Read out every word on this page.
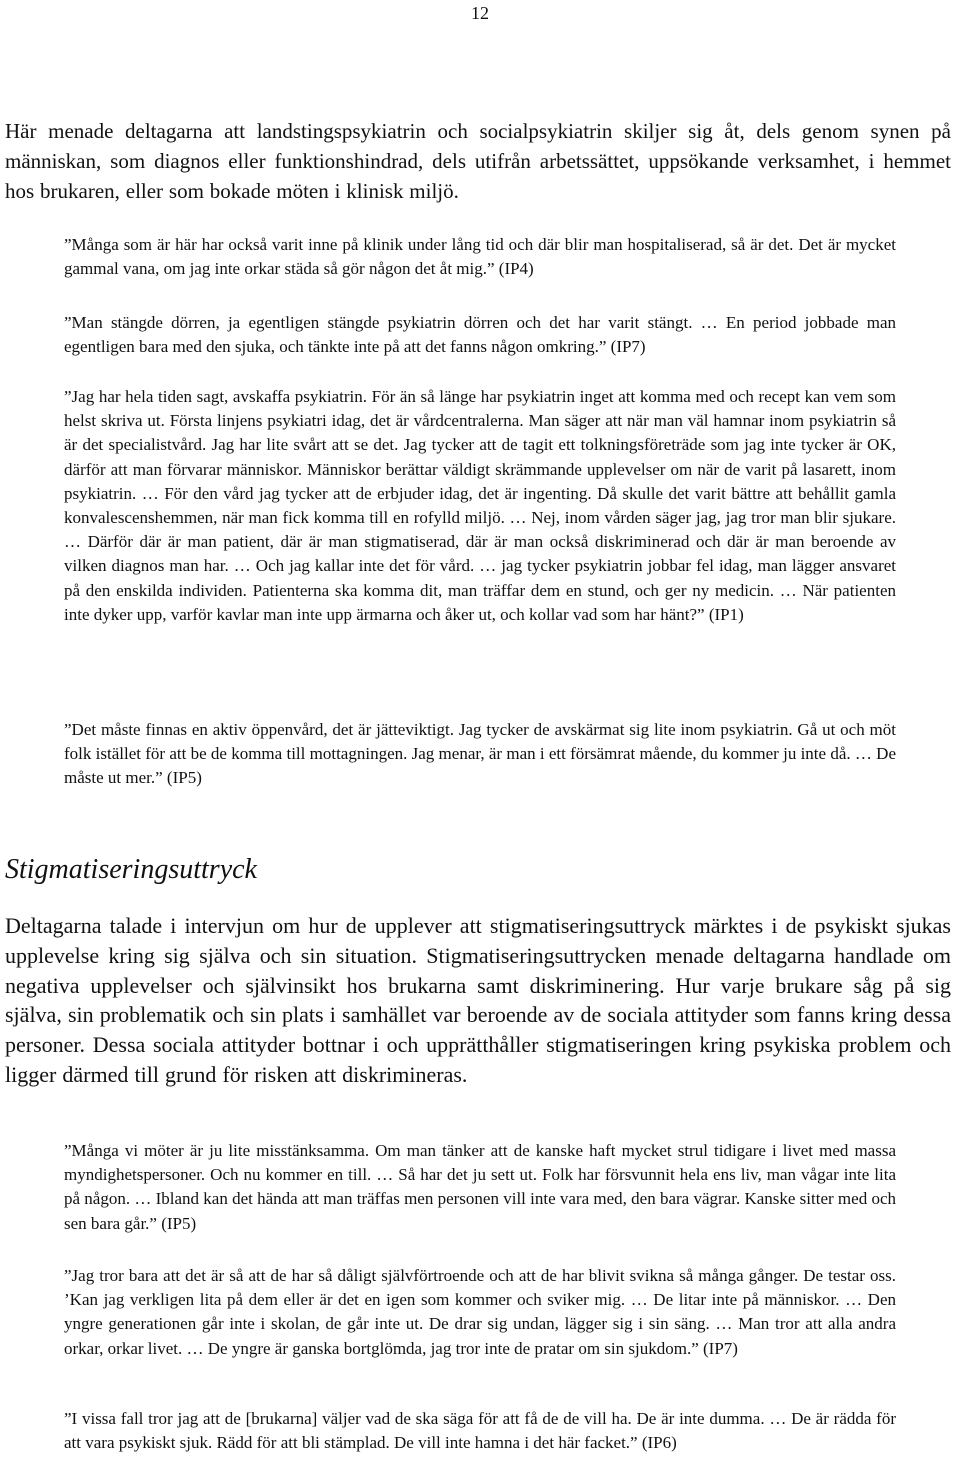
12

Här menade deltagarna att landstingspsykiatrin och socialpsykiatrin skiljer sig åt, dels genom synen på människan, som diagnos eller funktionshindrad, dels utifrån arbetssättet, uppsökande verksamhet, i hemmet hos brukaren, eller som bokade möten i klinisk miljö.

”Många som är här har också varit inne på klinik under lång tid och där blir man hospitaliserad, så är det. Det är mycket gammal vana, om jag inte orkar städa så gör någon det åt mig.” (IP4)

”Man stängde dörren, ja egentligen stängde psykiatrin dörren och det har varit stängt. … En period jobbade man egentligen bara med den sjuka, och tänkte inte på att det fanns någon omkring.” (IP7)

”Jag har hela tiden sagt, avskaffa psykiatrin. För än så länge har psykiatrin inget att komma med och recept kan vem som helst skriva ut. Första linjens psykiatri idag, det är vårdcentralerna. Man säger att när man väl hamnar inom psykiatrin så är det specialistvård. Jag har lite svårt att se det. Jag tycker att de tagit ett tolkningsföreträde som jag inte tycker är OK, därför att man förvarar människor. Människor berättar väldigt skrämmande upplevelser om när de varit på lasarett, inom psykiatrin. … För den vård jag tycker att de erbjuder idag, det är ingenting. Då skulle det varit bättre att behållit gamla konvalescenshemmen, när man fick komma till en rofylld miljö. … Nej, inom vården säger jag, jag tror man blir sjukare. … Därför där är man patient, där är man stigmatiserad, där är man också diskriminerad och där är man beroende av vilken diagnos man har. … Och jag kallar inte det för vård. … jag tycker psykiatrin jobbar fel idag, man lägger ansvaret på den enskilda individen. Patienterna ska komma dit, man träffar dem en stund, och ger ny medicin. … När patienten inte dyker upp, varför kavlar man inte upp ärmarna och åker ut, och kollar vad som har hänt?” (IP1)

”Det måste finnas en aktiv öppenvård, det är jätteviktigt. Jag tycker de avskärmat sig lite inom psykiatrin. Gå ut och möt folk istället för att be de komma till mottagningen. Jag menar, är man i ett försämrat mående, du kommer ju inte då. … De måste ut mer.” (IP5)

Stigmatiseringsuttryck

Deltagarna talade i intervjun om hur de upplever att stigmatiseringsuttryck märktes i de psykiskt sjukas upplevelse kring sig själva och sin situation. Stigmatiseringsuttrycken menade deltagarna handlade om negativa upplevelser och självinsikt hos brukarna samt diskriminering. Hur varje brukare såg på sig själva, sin problematik och sin plats i samhället var beroende av de sociala attityder som fanns kring dessa personer. Dessa sociala attityder bottnar i och upprätthåller stigmatiseringen kring psykiska problem och ligger därmed till grund för risken att diskrimineras.

”Många vi möter är ju lite misstänksamma. Om man tänker att de kanske haft mycket strul tidigare i livet med massa myndighetspersoner. Och nu kommer en till. … Så har det ju sett ut. Folk har försvunnit hela ens liv, man vågar inte lita på någon. … Ibland kan det hända att man träffas men personen vill inte vara med, den bara vägrar. Kanske sitter med och sen bara går.” (IP5)

”Jag tror bara att det är så att de har så dåligt självförtroende och att de har blivit svikna så många gånger. De testar oss. ’Kan jag verkligen lita på dem eller är det en igen som kommer och sviker mig. … De litar inte på människor. … Den yngre generationen går inte i skolan, de går inte ut. De drar sig undan, lägger sig i sin säng. … Man tror att alla andra orkar, orkar livet. … De yngre är ganska bortglömda, jag tror inte de pratar om sin sjukdom.” (IP7)

”I vissa fall tror jag att de [brukarna] väljer vad de ska säga för att få de de vill ha. De är inte dumma. … De är rädda för att vara psykiskt sjuk. Rädd för att bli stämplad. De vill inte hamna i det här facket.” (IP6)
